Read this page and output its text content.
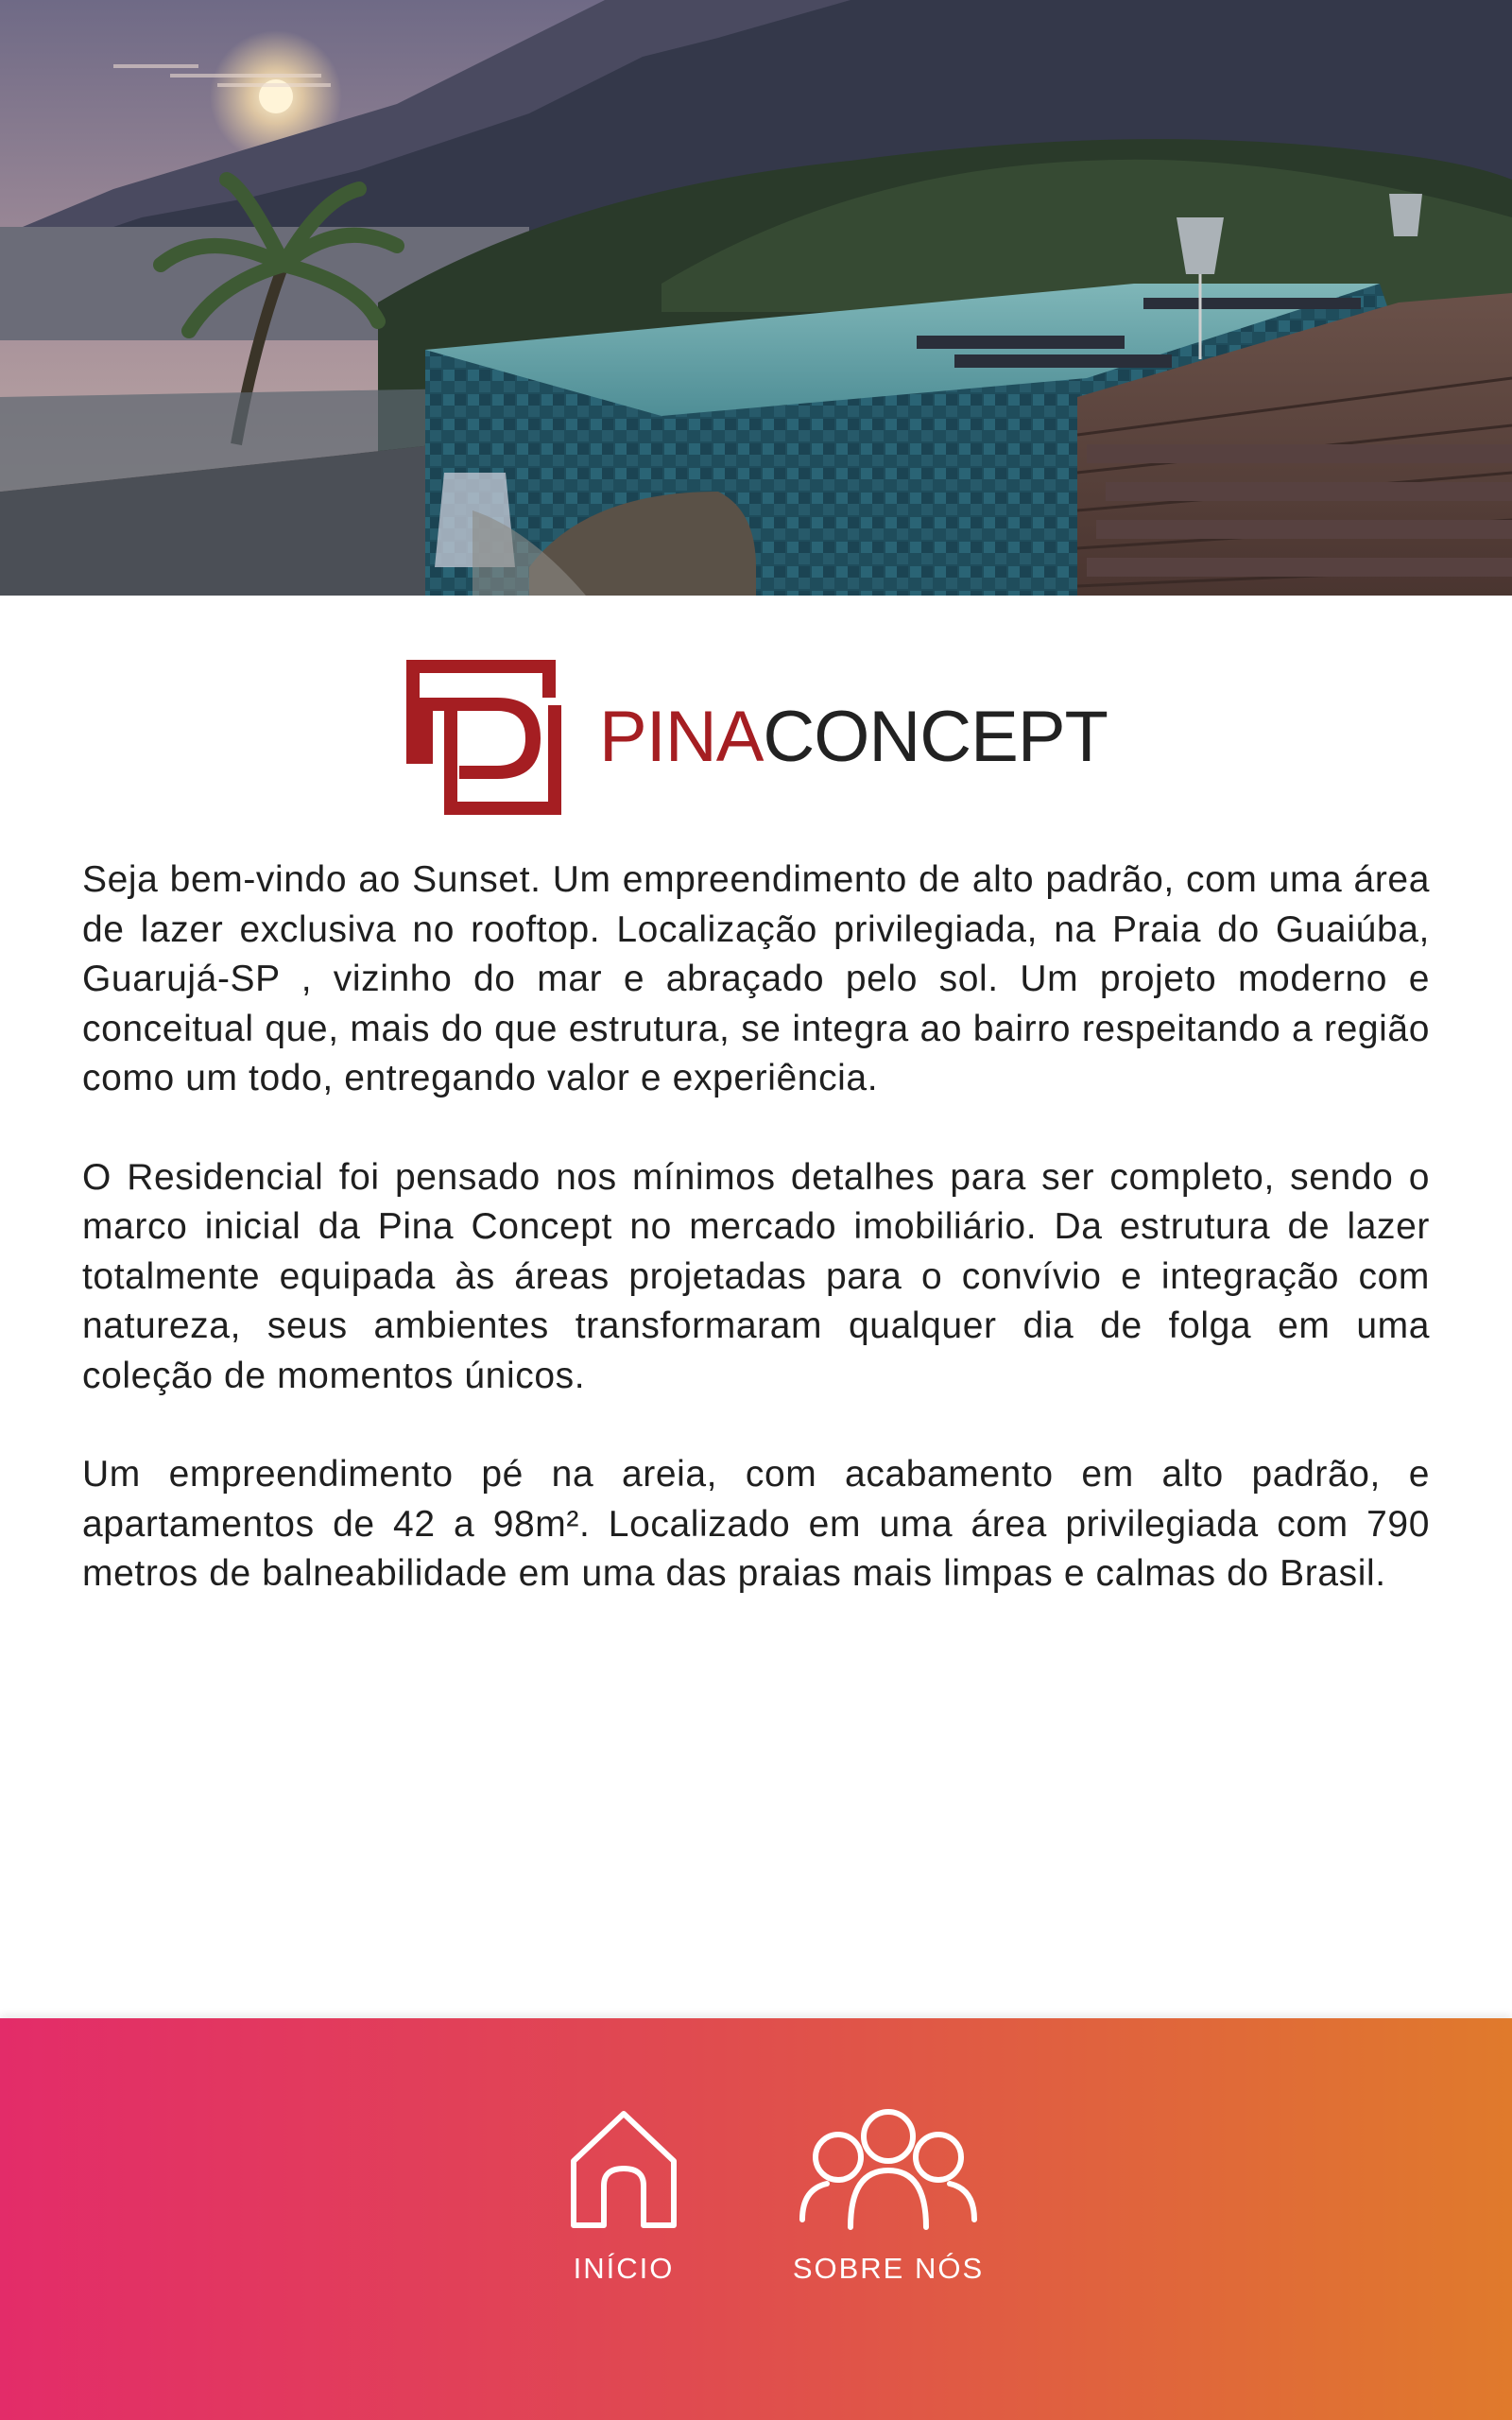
PINACONCEPT

Seja bem-vindo ao Sunset. Um empreendimento de alto padrão, com uma área de lazer exclusiva no rooftop. Localização privilegiada, na Praia do Guaiúba, Guarujá-SP , vizinho do mar e abraçado pelo sol. Um projeto moderno e conceitual que, mais do que estrutura, se integra ao bairro respeitando a região como um todo, entregando valor e experiência.

O Residencial foi pensado nos mínimos detalhes para ser completo, sendo o marco inicial da Pina Concept no mercado imobiliário. Da estrutura de lazer totalmente equipada às áreas projetadas para o convívio e integração com natureza, seus ambientes transformaram qualquer dia de folga em uma coleção de momentos únicos.

Um empreendimento pé na areia, com acabamento em alto padrão, e apartamentos de 42 a 98m². Localizado em uma área privilegiada com 790 metros de balneabilidade em uma das praias mais limpas e calmas do Brasil.

INÍCIO	SOBRE NÓS
